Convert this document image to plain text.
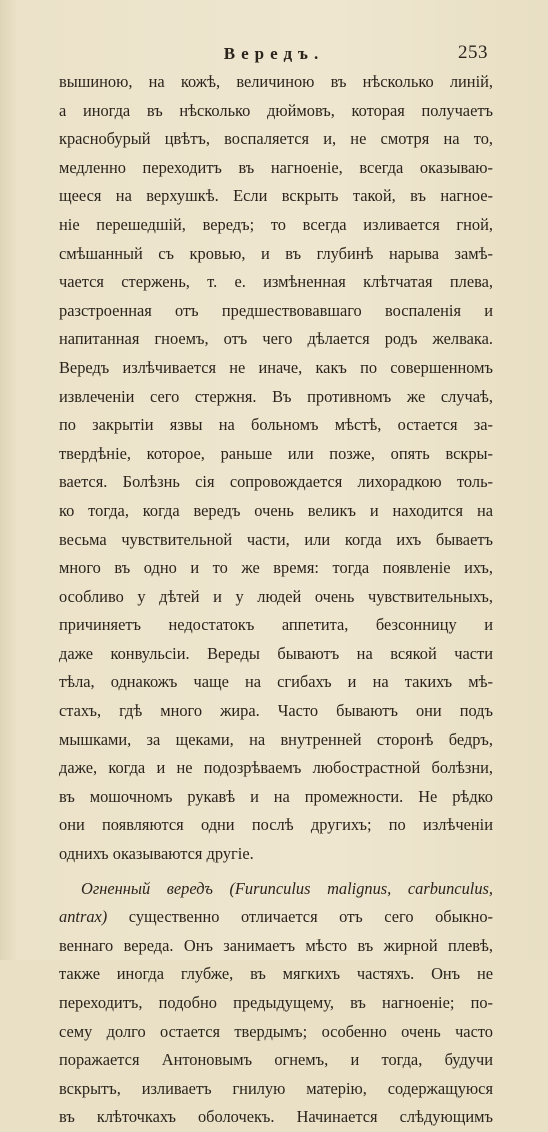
Вередъ.	253
вышиною, на кожѣ, величиною въ нѣсколько линiй,
а иногда въ нѣсколько дюймовъ, которая получаетъ
краснобурый цвѣтъ, воспаляется и, не смотря на то,
медленно переходитъ въ нагноенiе, всегда оказываю-
щееся на верхушкѣ. Если вскрыть такой, въ нагное-
нiе перешедшiй, вередъ; то всегда изливается гной,
смѣшанный съ кровью, и въ глубинѣ нарыва замѣ-
чается стержень, т. е. измѣненная клѣтчатая плева,
разстроенная отъ предшествовавшаго воспаленiя и
напитанная гноемъ, отъ чего дѣлается родъ желвака.
Вередъ излѣчивается не иначе, какъ по совершенномъ
извлеченiи сего стержня. Въ противномъ же случаѣ,
по закрытiи язвы на больномъ мѣстѣ, остается за-
твердѣнiе, которое, раньше или позже, опять вскры-
вается. Болѣзнь сiя сопровождается лихорадкою толь-
ко тогда, когда вередъ очень великъ и находится на
весьма чувствительной части, или когда ихъ бываетъ
много въ одно и то же время: тогда появленiе ихъ,
особливо у дѣтей и у людей очень чувствительныхъ,
причиняетъ недостатокъ аппетита, безсонницу и
даже конвульсiи. Вереды бываютъ на всякой части
тѣла, однакожъ чаще на сгибахъ и на такихъ мѣ-
стахъ, гдѣ много жира. Часто бываютъ они подъ
мышками, за щеками, на внутренней сторонѣ бедръ,
даже, когда и не подозрѣваемъ любострастной болѣзни,
въ мошочномъ рукавѣ и на промежности. Не рѣдко
они появляются одни послѣ другихъ; по излѣченiи
однихъ оказываются другiе.
Огненный вередъ (Furunculus malignus, carbunculus,
antrax) существенно отличается отъ сего обыкно-
веннаго вереда. Онъ занимаетъ мѣсто въ жирной плевѣ,
также иногда глубже, въ мягкихъ частяхъ. Онъ не
переходитъ, подобно предыдущему, въ нагноенiе; по-
сему долго остается твердымъ; особенно очень часто
поражается Антоновымъ огнемъ, и тогда, будучи
вскрытъ, изливаетъ гнилую матерiю, содержащуюся
въ клѣточкахъ оболочекъ. Начинается слѣдующимъ
